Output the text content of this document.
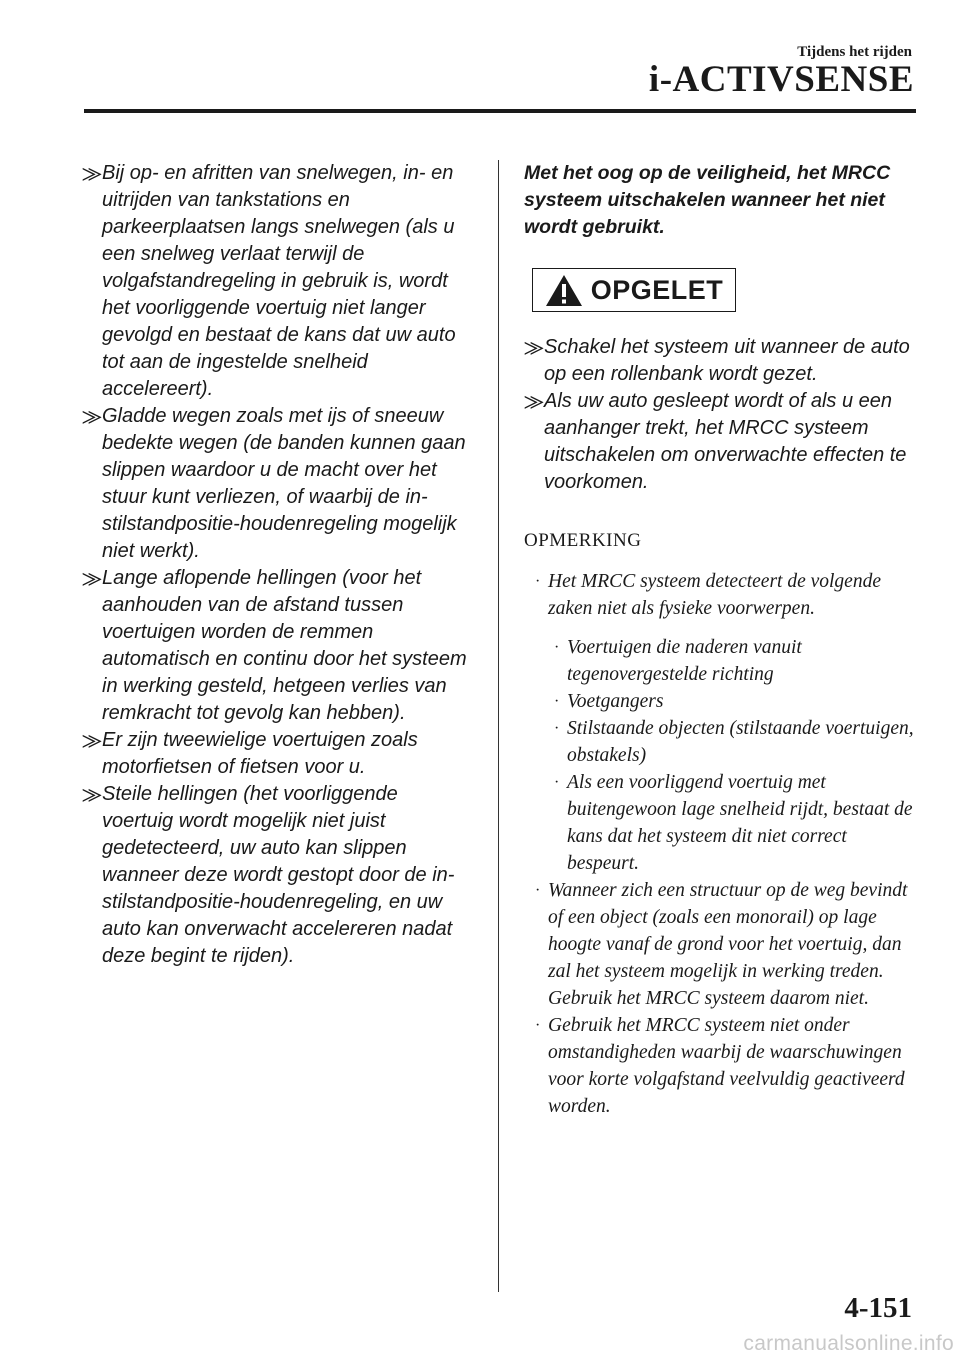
Tijdens het rijden
i-ACTIVSENSE
⨠ Bij op- en afritten van snelwegen, in- en uitrijden van tankstations en parkeerplaatsen langs snelwegen (als u een snelweg verlaat terwijl de volgafstandregeling in gebruik is, wordt het voorliggende voertuig niet langer gevolgd en bestaat de kans dat uw auto tot aan de ingestelde snelheid accelereert).

⨠ Gladde wegen zoals met ijs of sneeuw bedekte wegen (de banden kunnen gaan slippen waardoor u de macht over het stuur kunt verliezen, of waarbij de in-stilstandpositie-houdenregeling mogelijk niet werkt).

⨠ Lange aflopende hellingen (voor het aanhouden van de afstand tussen voertuigen worden de remmen automatisch en continu door het systeem in werking gesteld, hetgeen verlies van remkracht tot gevolg kan hebben).

⨠ Er zijn tweewielige voertuigen zoals motorfietsen of fietsen voor u.

⨠ Steile hellingen (het voorliggende voertuig wordt mogelijk niet juist gedetecteerd, uw auto kan slippen wanneer deze wordt gestopt door de in-stilstandpositie-houdenregeling, en uw auto kan onverwacht accelereren nadat deze begint te rijden).

Met het oog op de veiligheid, het MRCC systeem uitschakelen wanneer het niet wordt gebruikt.

OPGELET
⨠ Schakel het systeem uit wanneer de auto op een rollenbank wordt gezet.

⨠ Als uw auto gesleept wordt of als u een aanhanger trekt, het MRCC systeem uitschakelen om onverwachte effecten te voorkomen.

OPMERKING
· Het MRCC systeem detecteert de volgende zaken niet als fysieke voorwerpen.
· Voertuigen die naderen vanuit tegenovergestelde richting
· Voetgangers
· Stilstaande objecten (stilstaande voertuigen, obstakels)
· Als een voorliggend voertuig met buitengewoon lage snelheid rijdt, bestaat de kans dat het systeem dit niet correct bespeurt.
· Wanneer zich een structuur op de weg bevindt of een object (zoals een monorail) op lage hoogte vanaf de grond voor het voertuig, dan zal het systeem mogelijk in werking treden. Gebruik het MRCC systeem daarom niet.
· Gebruik het MRCC systeem niet onder omstandigheden waarbij de waarschuwingen voor korte volgafstand veelvuldig geactiveerd worden.
4-151
carmanualsonline.info
